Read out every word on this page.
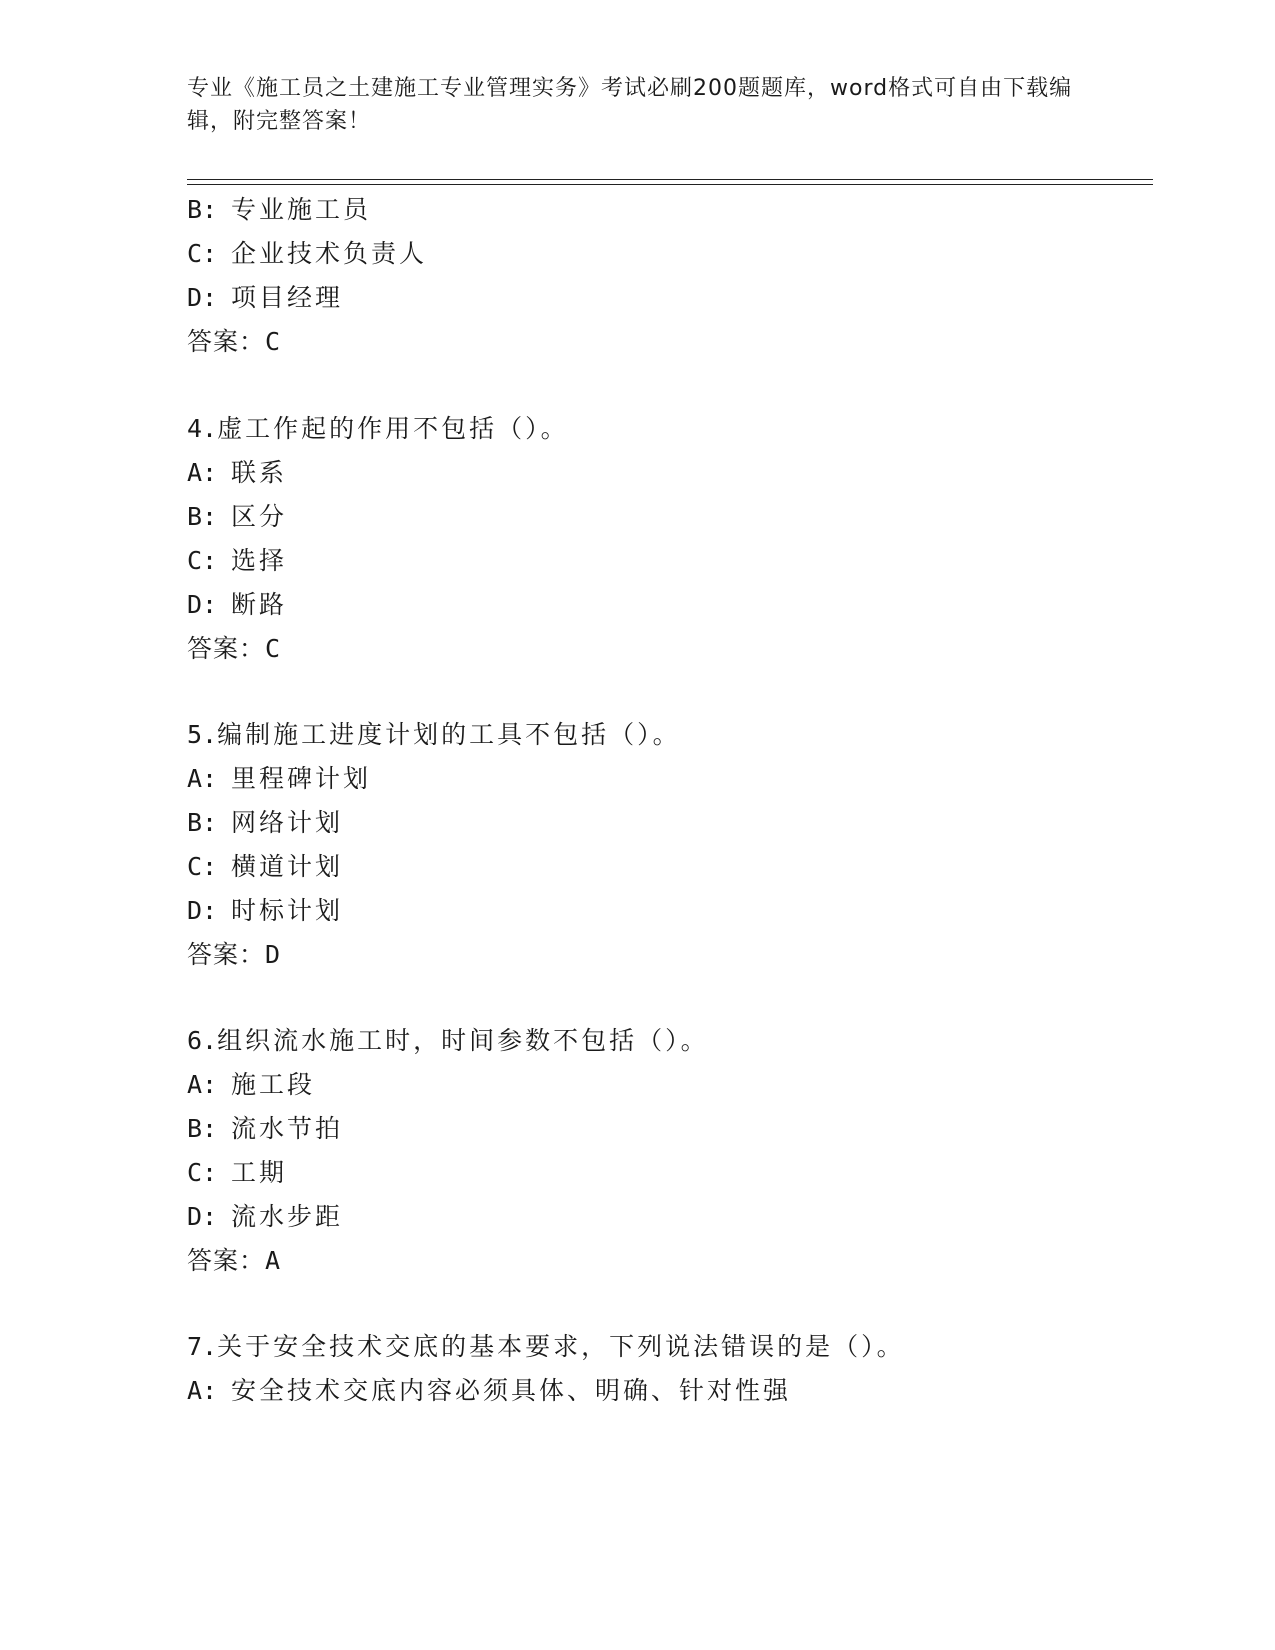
专业《施工员之土建施工专业管理实务》考试必刷200题题库，word格式可自由下载编辑，附完整答案！
B: 专业施工员
C: 企业技术负责人
D: 项目经理
答案：C
4.虚工作起的作用不包括（）。
A: 联系
B: 区分
C: 选择
D: 断路
答案：C
5.编制施工进度计划的工具不包括（）。
A: 里程碑计划
B: 网络计划
C: 横道计划
D: 时标计划
答案：D
6.组织流水施工时，时间参数不包括（）。
A: 施工段
B: 流水节拍
C: 工期
D: 流水步距
答案：A
7.关于安全技术交底的基本要求，下列说法错误的是（）。
A: 安全技术交底内容必须具体、明确、针对性强
